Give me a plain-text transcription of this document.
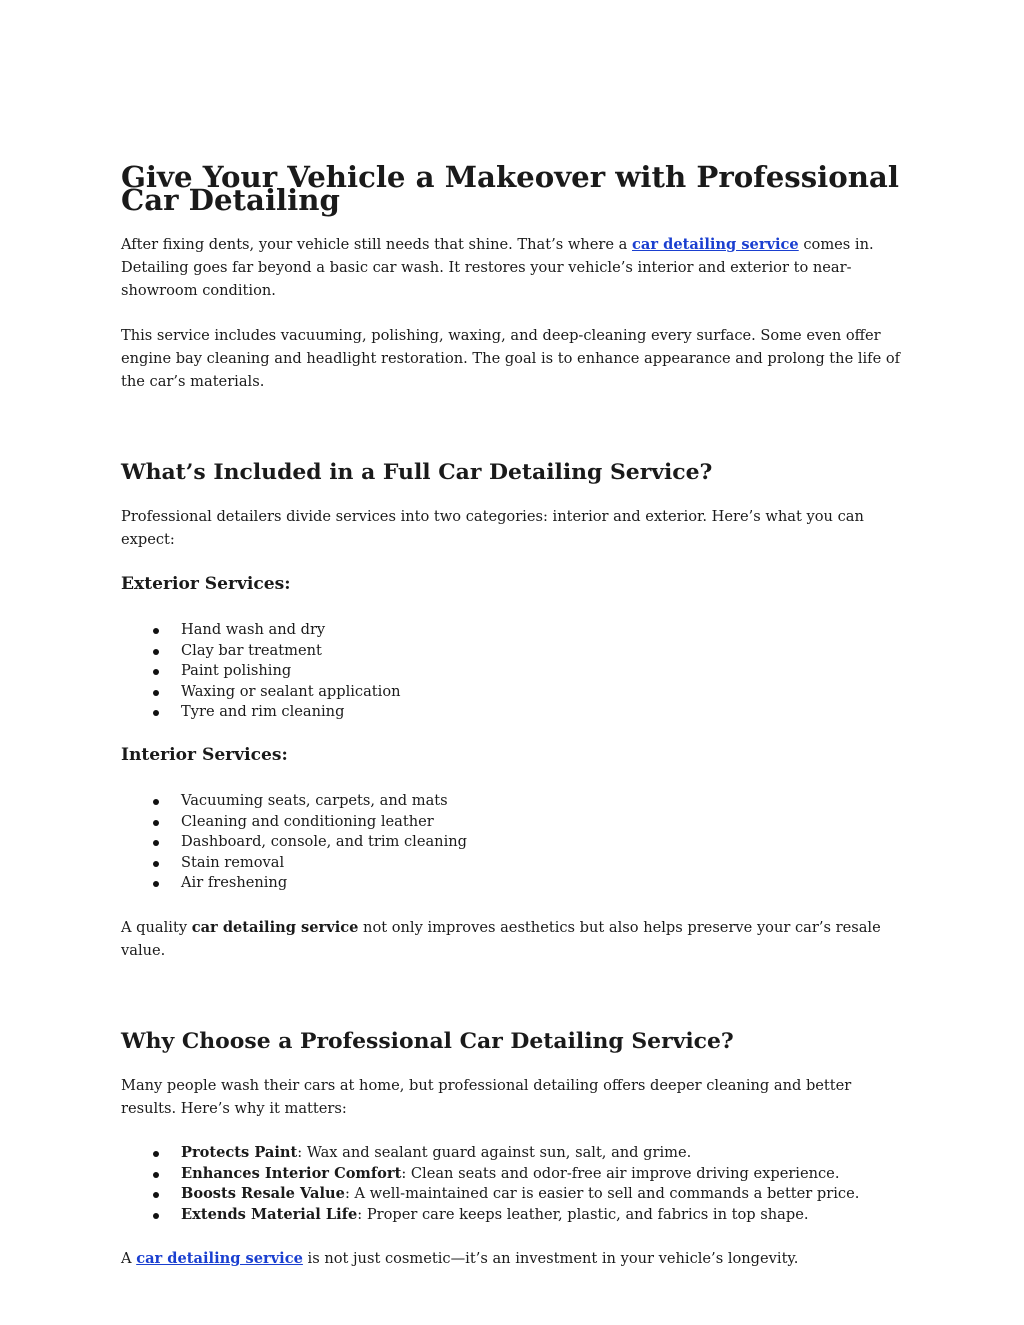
Give Your Vehicle a Makeover with Professional Car Detailing

After fixing dents, your vehicle still needs that shine. That’s where a car detailing service comes in. Detailing goes far beyond a basic car wash. It restores your vehicle’s interior and exterior to near-showroom condition.

This service includes vacuuming, polishing, waxing, and deep-cleaning every surface. Some even offer engine bay cleaning and headlight restoration. The goal is to enhance appearance and prolong the life of the car’s materials.

What’s Included in a Full Car Detailing Service?

Professional detailers divide services into two categories: interior and exterior. Here’s what you can expect:

Exterior Services:
Hand wash and dry
Clay bar treatment
Paint polishing
Waxing or sealant application
Tyre and rim cleaning
Interior Services:
Vacuuming seats, carpets, and mats
Cleaning and conditioning leather
Dashboard, console, and trim cleaning
Stain removal
Air freshening

A quality car detailing service not only improves aesthetics but also helps preserve your car’s resale value.

Why Choose a Professional Car Detailing Service?

Many people wash their cars at home, but professional detailing offers deeper cleaning and better results. Here’s why it matters:

Protects Paint: Wax and sealant guard against sun, salt, and grime.
Enhances Interior Comfort: Clean seats and odor-free air improve driving experience.
Boosts Resale Value: A well-maintained car is easier to sell and commands a better price.
Extends Material Life: Proper care keeps leather, plastic, and fabrics in top shape.

A car detailing service is not just cosmetic—it’s an investment in your vehicle’s longevity.
